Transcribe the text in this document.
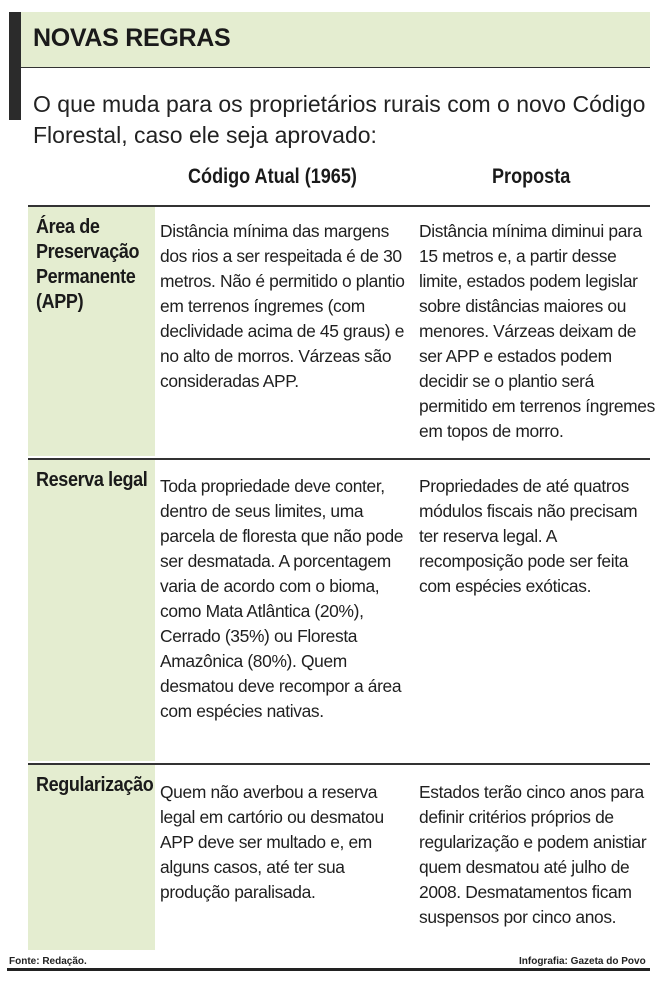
NOVAS REGRAS

O que muda para os proprietários rurais com o novo Código Florestal, caso ele seja aprovado:

Código Atual (1965)	Proposta

Área de Preservação Permanente (APP)

Distância mínima das margens dos rios a ser respeitada é de 30 metros. Não é permitido o plantio em terrenos íngremes (com declividade acima de 45 graus) e no alto de morros. Várzeas são consideradas APP.

Distância mínima diminui para 15 metros e, a partir desse limite, estados podem legislar sobre distâncias maiores ou menores. Várzeas deixam de ser APP e estados podem decidir se o plantio será permitido em terrenos íngremes em topos de morro.

Reserva legal Toda propriedade deve conter, dentro de seus limites, uma parcela de floresta que não pode ser desmatada. A porcentagem varia de acordo com o bioma, como Mata Atlântica (20%), Cerrado (35%) ou Floresta Amazônica (80%). Quem desmatou deve recompor a área com espécies nativas.

Propriedades de até quatros módulos fiscais não precisam ter reserva legal. A recomposição pode ser feita com espécies exóticas.

Regularização Quem não averbou a reserva legal em cartório ou desmatou APP deve ser multado e, em alguns casos, até ter sua produção paralisada.

Estados terão cinco anos para definir critérios próprios de regularização e podem anistiar quem desmatou até julho de 2008. Desmatamentos ficam suspensos por cinco anos.

Fonte: Redação.	Infografia: Gazeta do Povo
